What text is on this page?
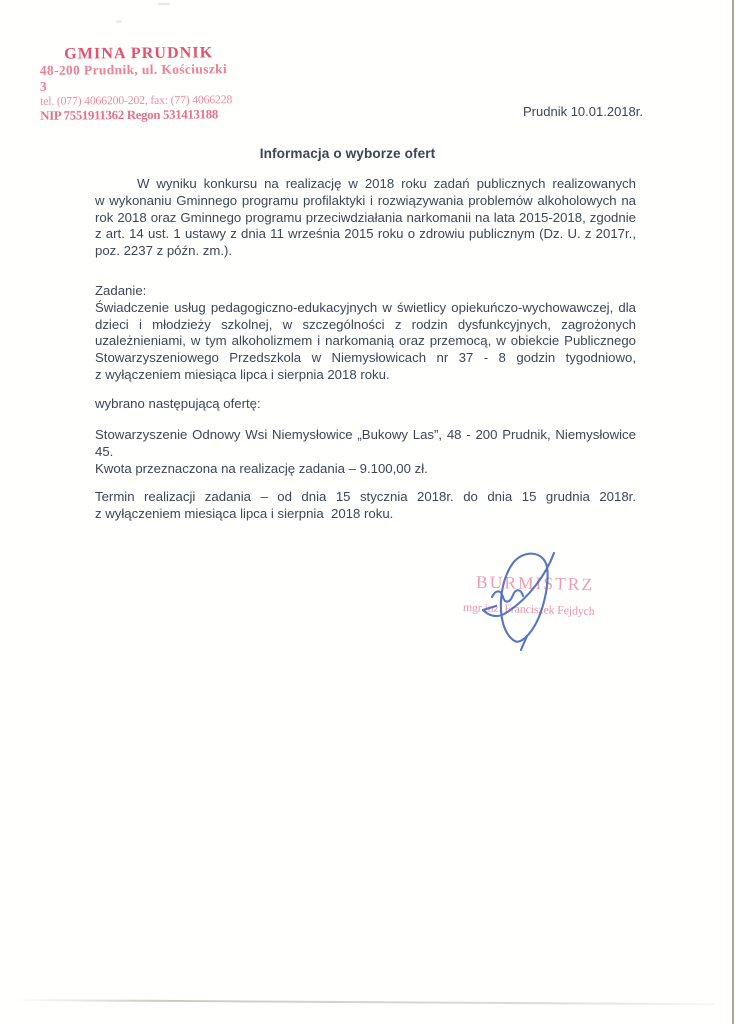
GMINA PRUDNIK
48-200 Prudnik, ul. Kościuszki 3
tel. (077) 4066200-202, fax: (77) 4066228
NIP 7551911362 Regon 531413188	Prudnik 10.01.2018r.
Informacja o wyborze ofert
W wyniku konkursu na realizację w 2018 roku zadań publicznych realizowanych
w wykonaniu Gminnego programu profilaktyki i rozwiązywania problemów alkoholowych na
rok 2018 oraz Gminnego programu przeciwdziałania narkomanii na lata 2015-2018, zgodnie
z art. 14 ust. 1 ustawy z dnia 11 września 2015 roku o zdrowiu publicznym (Dz. U. z 2017r.,
poz. 2237 z późn. zm.).
Zadanie:
Świadczenie usług pedagogiczno-edukacyjnych w świetlicy opiekuńczo-wychowawczej, dla
dzieci i młodzieży szkolnej, w szczególności z rodzin dysfunkcyjnych, zagrożonych
uzależnieniami, w tym alkoholizmem i narkomanią oraz przemocą, w obiekcie Publicznego
Stowarzyszeniowego Przedszkola w Niemysłowicach nr 37 - 8 godzin tygodniowo,
z wyłączeniem miesiąca lipca i sierpnia 2018 roku.
wybrano następującą ofertę:
Stowarzyszenie Odnowy Wsi Niemysłowice „Bukowy Las”, 48 - 200 Prudnik, Niemysłowice
45.
Kwota przeznaczona na realizację zadania – 9.100,00 zł.
Termin realizacji zadania – od dnia 15 stycznia 2018r. do dnia 15 grudnia 2018r.
z wyłączeniem miesiąca lipca i sierpnia  2018 roku.
BURMISTRZ
mgr inż. Franciszek Fejdych
